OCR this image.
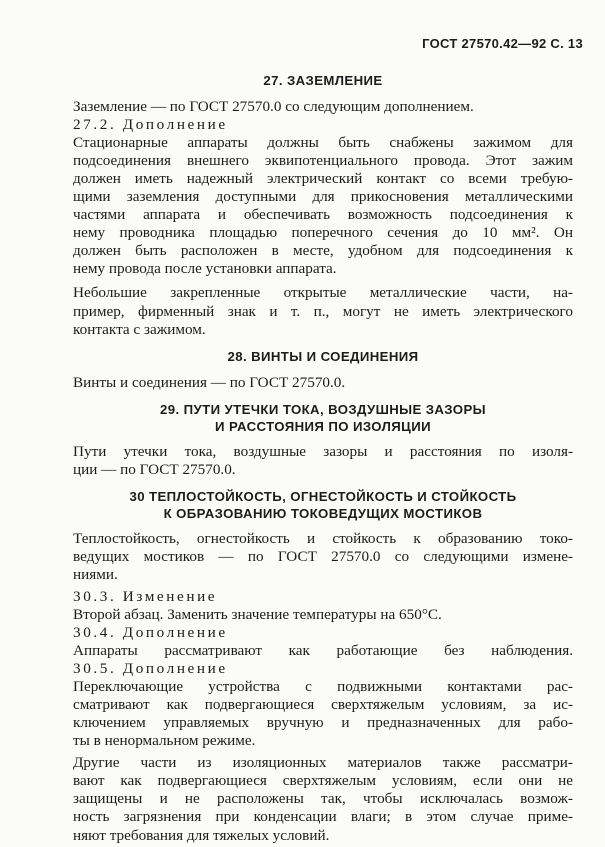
ГОСТ 27570.42—92 С. 13
27. ЗАЗЕМЛЕНИЕ
Заземление — по ГОСТ 27570.0 со следующим дополнением.
27.2. Дополнение
Стационарные аппараты должны быть снабжены зажимом для
подсоединения внешнего эквипотенциального провода. Этот зажим
должен иметь надежный электрический контакт со всеми требую-
щими заземления доступными для прикосновения металлическими
частями аппарата и обеспечивать возможность подсоединения к
нему проводника площадью поперечного сечения до 10 мм². Он
должен быть расположен в месте, удобном для подсоединения к
нему провода после установки аппарата.
Небольшие закрепленные открытые металлические части, на-
пример, фирменный знак и т. п., могут не иметь электрического
контакта с зажимом.
28. ВИНТЫ И СОЕДИНЕНИЯ
Винты и соединения — по ГОСТ 27570.0.
29. ПУТИ УТЕЧКИ ТОКА, ВОЗДУШНЫЕ ЗАЗОРЫ
И РАССТОЯНИЯ ПО ИЗОЛЯЦИИ
Пути утечки тока, воздушные зазоры и расстояния по изоля-
ции — по ГОСТ 27570.0.
30 ТЕПЛОСТОЙКОСТЬ, ОГНЕСТОЙКОСТЬ И СТОЙКОСТЬ
К ОБРАЗОВАНИЮ ТОКОВЕДУЩИХ МОСТИКОВ
Теплостойкость, огнестойкость и стойкость к образованию токо-
ведущих мостиков — по ГОСТ 27570.0 со следующими измене-
ниями.
30.3. Изменение
Второй абзац. Заменить значение температуры на 650°С.
30.4. Дополнение
Аппараты рассматривают как работающие без наблюдения.
30.5. Дополнение
Переключающие устройства с подвижными контактами рас-
сматривают как подвергающиеся сверхтяжелым условиям, за ис-
ключением управляемых вручную и предназначенных для рабо-
ты в ненормальном режиме.
Другие части из изоляционных материалов также рассматри-
вают как подвергающиеся сверхтяжелым условиям, если они не
защищены и не расположены так, чтобы исключалась возмож-
ность загрязнения при конденсации влаги; в этом случае приме-
няют требования для тяжелых условий.
